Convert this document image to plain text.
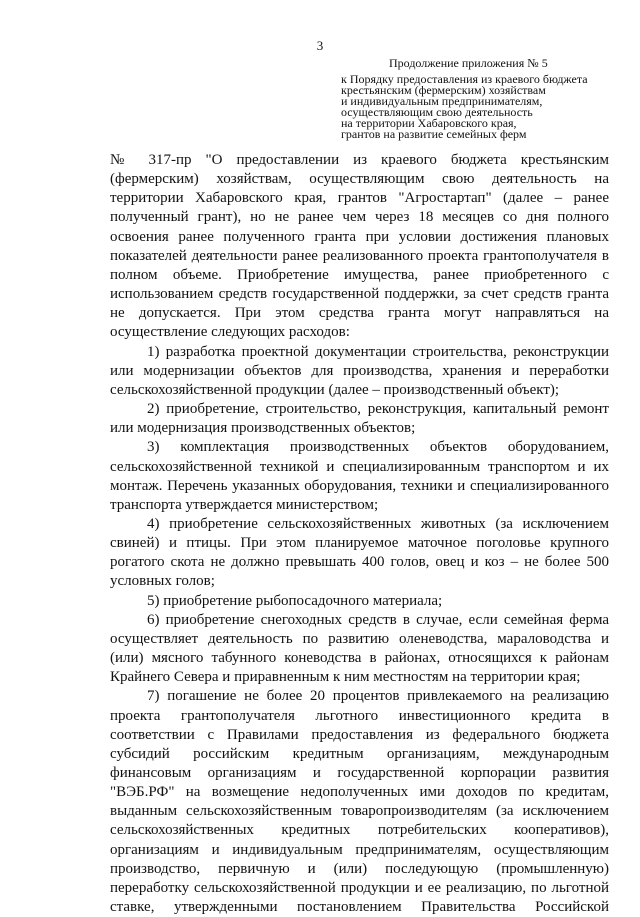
3
Продолжение приложения № 5
к Порядку предоставления из краевого бюджета
крестьянским (фермерским) хозяйствам
и индивидуальным предпринимателям,
осуществляющим свою деятельность
на территории Хабаровского края,
грантов на развитие семейных ферм

№ 317-пр "О предоставлении из краевого бюджета крестьянским (фермерским) хозяйствам, осуществляющим свою деятельность на территории Хабаровского края, грантов "Агростартап" (далее – ранее полученный грант), но не ранее чем через 18 месяцев со дня полного освоения ранее полученного гранта при условии достижения плановых показателей деятельности ранее реализованного проекта грантополучателя в полном объеме. Приобретение имущества, ранее приобретенного с использованием средств государственной поддержки, за счет средств гранта не допускается. При этом средства гранта могут направляться на осуществление следующих расходов:

1) разработка проектной документации строительства, реконструкции или модернизации объектов для производства, хранения и переработки сельскохозяйственной продукции (далее – производственный объект);

2) приобретение, строительство, реконструкция, капитальный ремонт или модернизация производственных объектов;

3) комплектация производственных объектов оборудованием, сельскохозяйственной техникой и специализированным транспортом и их монтаж. Перечень указанных оборудования, техники и специализированного транспорта утверждается министерством;

4) приобретение сельскохозяйственных животных (за исключением свиней) и птицы. При этом планируемое маточное поголовье крупного рогатого скота не должно превышать 400 голов, овец и коз – не более 500 условных голов;

5) приобретение рыбопосадочного материала;

6) приобретение снегоходных средств в случае, если семейная ферма осуществляет деятельность по развитию оленеводства, мараловодства и (или) мясного табунного коневодства в районах, относящихся к районам Крайнего Севера и приравненным к ним местностям на территории края;

7) погашение не более 20 процентов привлекаемого на реализацию проекта грантополучателя льготного инвестиционного кредита в соответствии с Правилами предоставления из федерального бюджета субсидий российским кредитным организациям, международным финансовым организациям и государственной корпорации развития "ВЭБ.РФ" на возмещение недополученных ими доходов по кредитам, выданным сельскохозяйственным товаропроизводителям (за исключением сельскохозяйственных кредитных потребительских кооперативов), организациям и индивидуальным предпринимателям, осуществляющим производство, первичную и (или) последующую (промышленную) переработку сельскохозяйственной продукции и ее реализацию, по льготной ставке, утвержденными постановлением Правительства Российской
